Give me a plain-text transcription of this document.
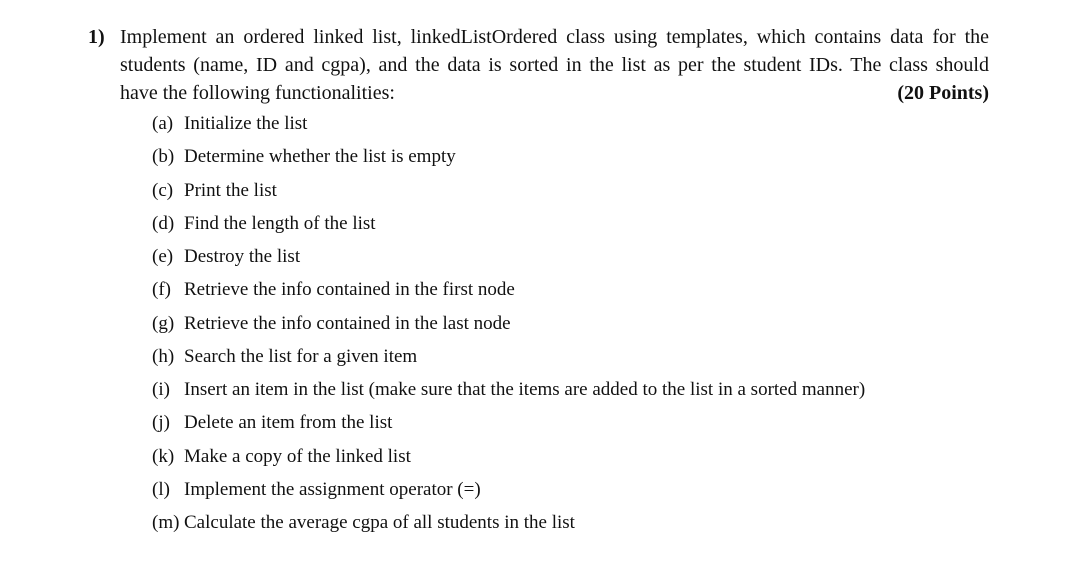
1) Implement an ordered linked list, linkedListOrdered class using templates, which contains data for the
students (name, ID and cgpa), and the data is sorted in the list as per the student IDs. The class should
have the following functionalities:	(20 Points)
(a) Initialize the list
(b) Determine whether the list is empty
(c) Print the list
(d) Find the length of the list
(e) Destroy the list
(f) Retrieve the info contained in the first node
(g) Retrieve the info contained in the last node
(h) Search the list for a given item
(i) Insert an item in the list (make sure that the items are added to the list in a sorted manner)
(j) Delete an item from the list
(k) Make a copy of the linked list
(l) Implement the assignment operator (=)
(m) Calculate the average cgpa of all students in the list
